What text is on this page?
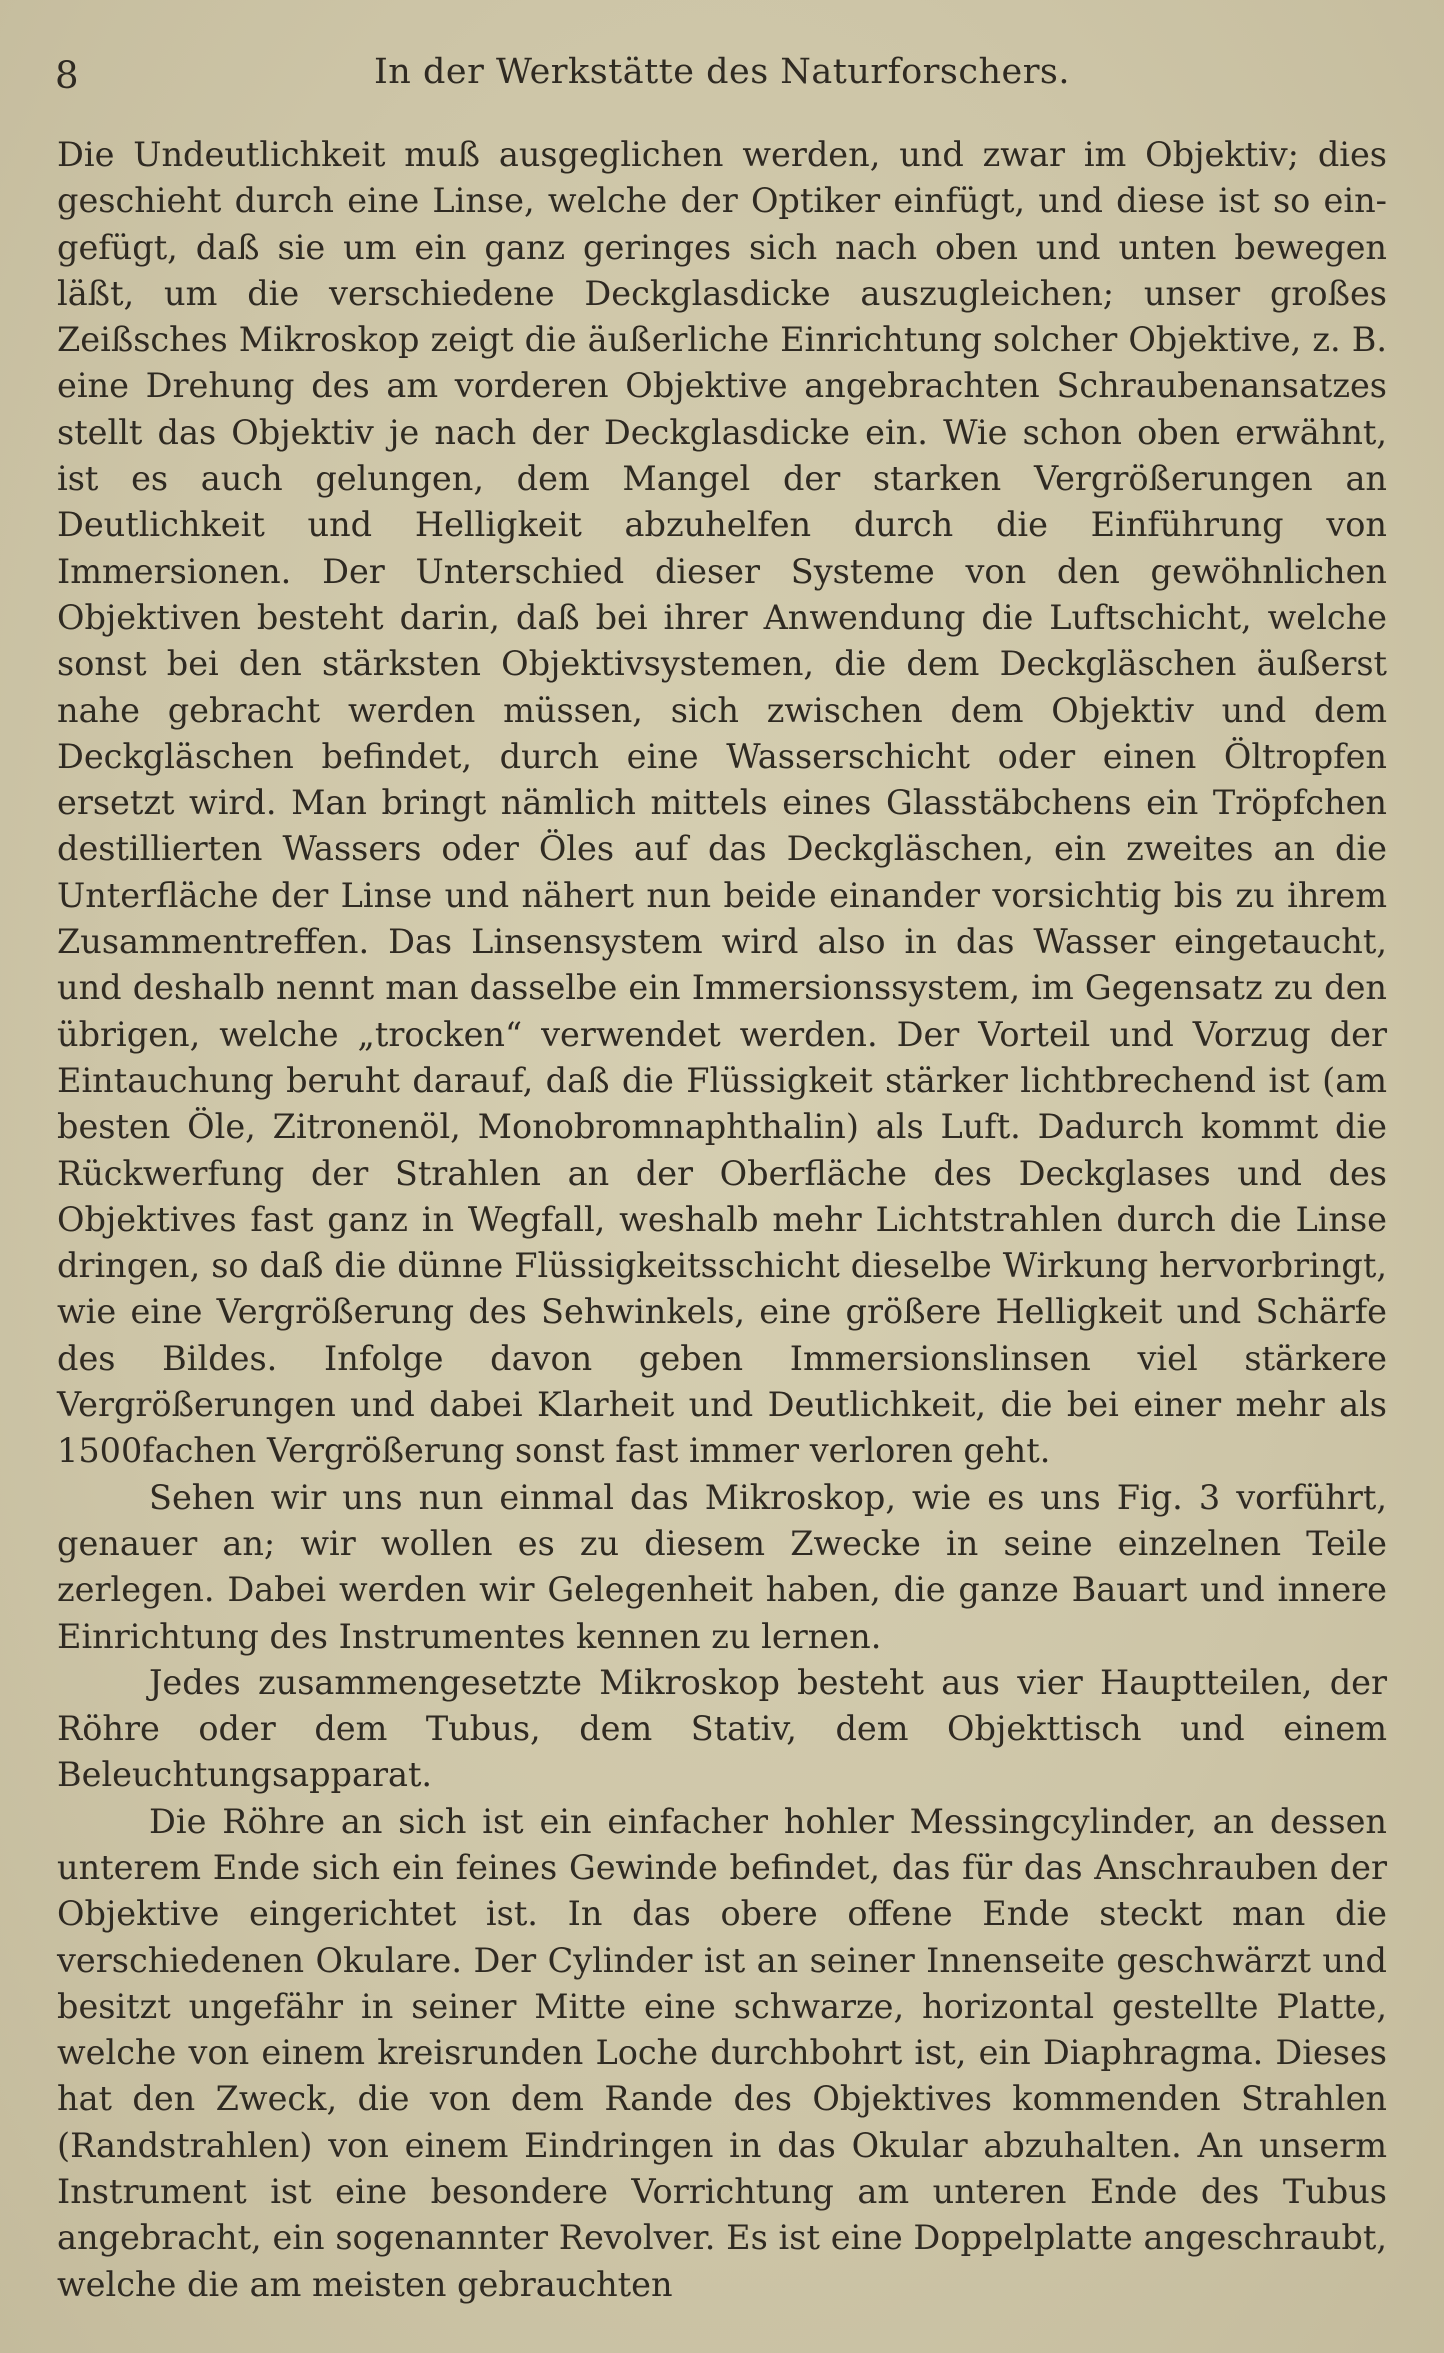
8	In der Werkstätte des Naturforschers.

Die Undeutlichkeit muß ausgeglichen werden, und zwar im Objektiv; dies geschieht durch eine Linse, welche der Optiker einfügt, und diese ist so eingefügt, daß sie um ein ganz geringes sich nach oben und unten bewegen läßt, um die verschiedene Deckglasdicke auszugleichen; unser großes Zeißsches Mikroskop zeigt die äußerliche Einrichtung solcher Objektive, z. B. eine Drehung des am vorderen Objektive angebrachten Schraubenansatzes stellt das Objektiv je nach der Deckglasdicke ein. Wie schon oben erwähnt, ist es auch gelungen, dem Mangel der starken Vergrößerungen an Deutlichkeit und Helligkeit abzuhelfen durch die Einführung von Immersionen. Der Unterschied dieser Systeme von den gewöhnlichen Objektiven besteht darin, daß bei ihrer Anwendung die Luftschicht, welche sonst bei den stärksten Objektivsystemen, die dem Deckgläschen äußerst nahe gebracht werden müssen, sich zwischen dem Objektiv und dem Deckgläschen befindet, durch eine Wasserschicht oder einen Öltropfen ersetzt wird. Man bringt nämlich mittels eines Glasstäbchens ein Tröpfchen destillierten Wassers oder Öles auf das Deckgläschen, ein zweites an die Unterfläche der Linse und nähert nun beide einander vorsichtig bis zu ihrem Zusammentreffen. Das Linsensystem wird also in das Wasser eingetaucht, und deshalb nennt man dasselbe ein Immersionssystem, im Gegensatz zu den übrigen, welche „trocken“ verwendet werden. Der Vorteil und Vorzug der Eintauchung beruht darauf, daß die Flüssigkeit stärker lichtbrechend ist (am besten Öle, Zitronenöl, Monobromnaphthalin) als Luft. Dadurch kommt die Rückwerfung der Strahlen an der Oberfläche des Deckglases und des Objektives fast ganz in Wegfall, weshalb mehr Lichtstrahlen durch die Linse dringen, so daß die dünne Flüssigkeitsschicht dieselbe Wirkung hervorbringt, wie eine Vergrößerung des Sehwinkels, eine größere Helligkeit und Schärfe des Bildes. Infolge davon geben Immersionslinsen viel stärkere Vergrößerungen und dabei Klarheit und Deutlichkeit, die bei einer mehr als 1500fachen Vergrößerung sonst fast immer verloren geht.

Sehen wir uns nun einmal das Mikroskop, wie es uns Fig. 3 vorführt, genauer an; wir wollen es zu diesem Zwecke in seine einzelnen Teile zerlegen. Dabei werden wir Gelegenheit haben, die ganze Bauart und innere Einrichtung des Instrumentes kennen zu lernen.

Jedes zusammengesetzte Mikroskop besteht aus vier Hauptteilen, der Röhre oder dem Tubus, dem Stativ, dem Objekttisch und einem Beleuchtungsapparat.

Die Röhre an sich ist ein einfacher hohler Messingcylinder, an dessen unterem Ende sich ein feines Gewinde befindet, das für das Anschrauben der Objektive eingerichtet ist. In das obere offene Ende steckt man die verschiedenen Okulare. Der Cylinder ist an seiner Innenseite geschwärzt und besitzt ungefähr in seiner Mitte eine schwarze, horizontal gestellte Platte, welche von einem kreisrunden Loche durchbohrt ist, ein Diaphragma. Dieses hat den Zweck, die von dem Rande des Objektives kommenden Strahlen (Randstrahlen) von einem Eindringen in das Okular abzuhalten. An unserm Instrument ist eine besondere Vorrichtung am unteren Ende des Tubus angebracht, ein sogenannter Revolver. Es ist eine Doppelplatte angeschraubt, welche die am meisten gebrauchten
